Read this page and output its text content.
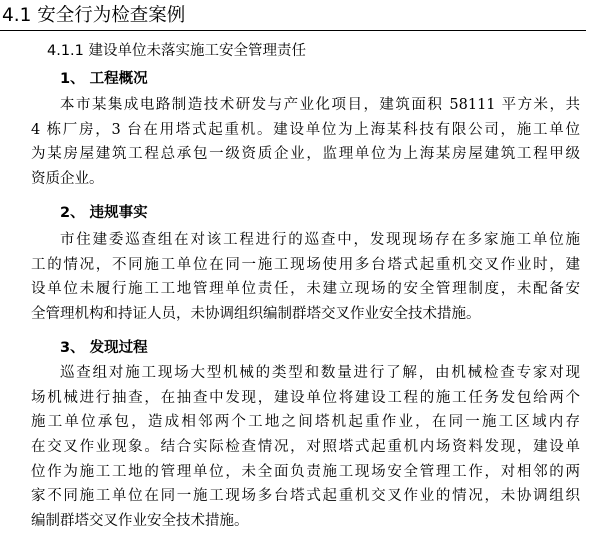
4.1 安全行为检查案例
4.1.1 建设单位未落实施工安全管理责任
1、 工程概况
本市某集成电路制造技术研发与产业化项目，建筑面积 58111 平方米，共
4 栋厂房，3 台在用塔式起重机。建设单位为上海某科技有限公司，施工单位
为某房屋建筑工程总承包一级资质企业，监理单位为上海某房屋建筑工程甲级
资质企业。
2、 违规事实
市住建委巡查组在对该工程进行的巡查中，发现现场存在多家施工单位施
工的情况，不同施工单位在同一施工现场使用多台塔式起重机交叉作业时，建
设单位未履行施工工地管理单位责任，未建立现场的安全管理制度，未配备安
全管理机构和持证人员，未协调组织编制群塔交叉作业安全技术措施。
3、 发现过程
巡查组对施工现场大型机械的类型和数量进行了解，由机械检查专家对现
场机械进行抽查，在抽查中发现，建设单位将建设工程的施工任务发包给两个
施工单位承包，造成相邻两个工地之间塔机起重作业，在同一施工区域内存
在交叉作业现象。结合实际检查情况，对照塔式起重机内场资料发现，建设单
位作为施工工地的管理单位，未全面负责施工现场安全管理工作，对相邻的两
家不同施工单位在同一施工现场多台塔式起重机交叉作业的情况，未协调组织
编制群塔交叉作业安全技术措施。
